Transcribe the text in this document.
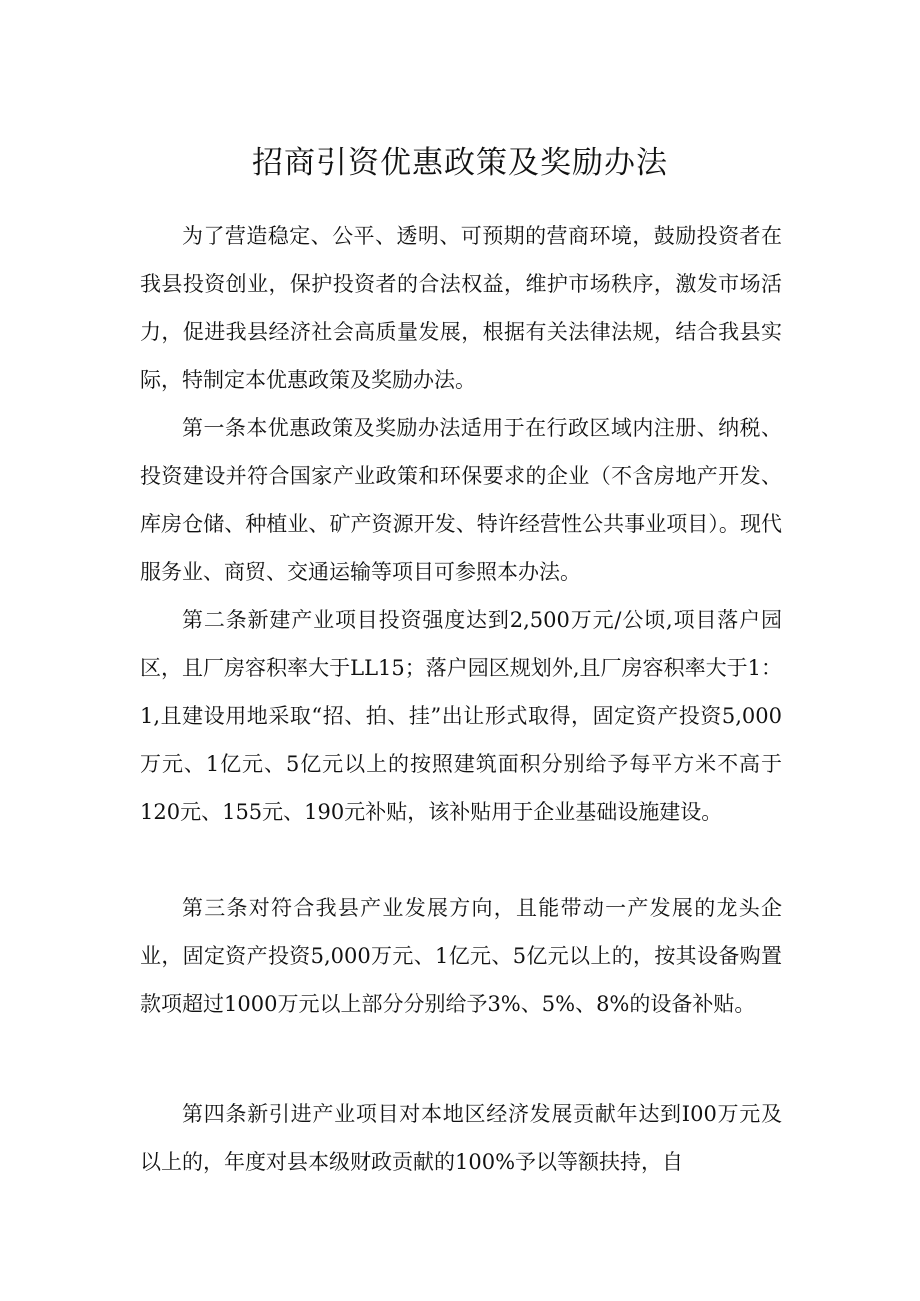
招商引资优惠政策及奖励办法

为了营造稳定、公平、透明、可预期的营商环境，鼓励投资者在我县投资创业，保护投资者的合法权益，维护市场秩序，激发市场活力，促进我县经济社会高质量发展，根据有关法律法规，结合我县实际，特制定本优惠政策及奖励办法。

第一条本优惠政策及奖励办法适用于在行政区域内注册、纳税、投资建设并符合国家产业政策和环保要求的企业（不含房地产开发、库房仓储、种植业、矿产资源开发、特许经营性公共事业项目）。现代服务业、商贸、交通运输等项目可参照本办法。

第二条新建产业项目投资强度达到2,500万元/公顷,项目落户园区，且厂房容积率大于LL15；落户园区规划外,且厂房容积率大于1：1,且建设用地采取“招、拍、挂”出让形式取得，固定资产投资5,000万元、1亿元、5亿元以上的按照建筑面积分别给予每平方米不高于120元、155元、190元补贴，该补贴用于企业基础设施建设。

第三条对符合我县产业发展方向，且能带动一产发展的龙头企业，固定资产投资5,000万元、1亿元、5亿元以上的，按其设备购置款项超过1000万元以上部分分别给予3%、5%、8%的设备补贴。

第四条新引进产业项目对本地区经济发展贡献年达到I00万元及以上的，年度对县本级财政贡献的100%予以等额扶持，自
